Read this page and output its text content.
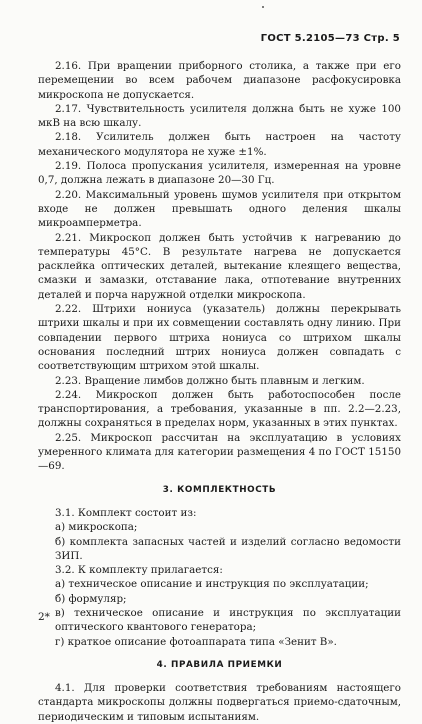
ГОСТ 5.2105—73 Стр. 5

2.16. При вращении приборного столика, а также при его перемещении во всем рабочем диапазоне расфокусировка микроскопа не допускается.

2.17. Чувствительность усилителя должна быть не хуже 100 мкВ на всю шкалу.

2.18. Усилитель должен быть настроен на частоту механического модулятора не хуже ±1%.

2.19. Полоса пропускания усилителя, измеренная на уровне 0,7, должна лежать в диапазоне 20—30 Гц.

2.20. Максимальный уровень шумов усилителя при открытом входе не должен превышать одного деления шкалы микроамперметра.

2.21. Микроскоп должен быть устойчив к нагреванию до температуры 45°С. В результате нагрева не допускается расклейка оптических деталей, вытекание клеящего вещества, смазки и замазки, отставание лака, отпотевание внутренних деталей и порча наружной отделки микроскопа.

2.22. Штрихи нониуса (указатель) должны перекрывать штрихи шкалы и при их совмещении составлять одну линию. При совпадении первого штриха нониуса со штрихом шкалы основания последний штрих нониуса должен совпадать с соответствующим штрихом этой шкалы.

2.23. Вращение лимбов должно быть плавным и легким.

2.24. Микроскоп должен быть работоспособен после транспортирования, а требования, указанные в пп. 2.2—2.23, должны сохраняться в пределах норм, указанных в этих пунктах.

2.25. Микроскоп рассчитан на эксплуатацию в условиях умеренного климата для категории размещения 4 по ГОСТ 15150—69.

3. КОМПЛЕКТНОСТЬ

3.1. Комплект состоит из:

а) микроскопа;

б) комплекта запасных частей и изделий согласно ведомости ЗИП.

3.2. К комплекту прилагается:

а) техническое описание и инструкция по эксплуатации;

б) формуляр;

в) техническое описание и инструкция по эксплуатации оптического квантового генератора;

г) краткое описание фотоаппарата типа «Зенит В».

4. ПРАВИЛА ПРИЕМКИ

4.1. Для проверки соответствия требованиям настоящего стандарта микроскопы должны подвергаться приемо-сдаточным, периодическим и типовым испытаниям.

2*
